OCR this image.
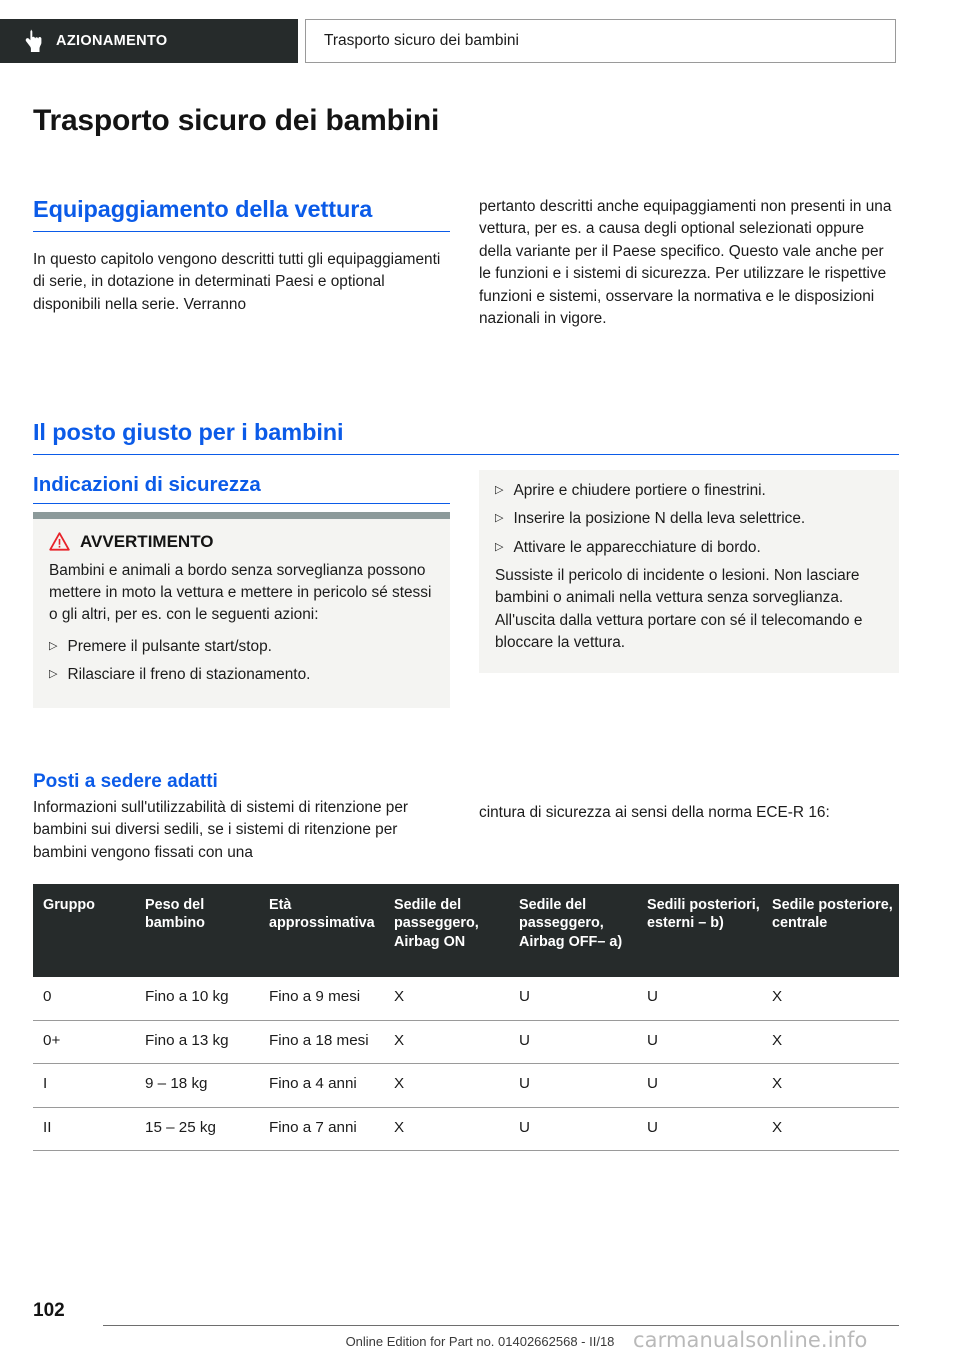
AZIONAMENTO	Trasporto sicuro dei bambini
Trasporto sicuro dei bambini
Equipaggiamento della vettura

In questo capitolo vengono descritti tutti gli equipaggiamenti di serie, in dotazione in determinati Paesi e optional disponibili nella serie. Verranno

pertanto descritti anche equipaggiamenti non presenti in una vettura, per es. a causa degli optional selezionati oppure della variante per il Paese specifico. Questo vale anche per le funzioni e i sistemi di sicurezza. Per utilizzare le rispettive funzioni e sistemi, osservare la normativa e le disposizioni nazionali in vigore.

Il posto giusto per i bambini
Indicazioni di sicurezza
AVVERTIMENTO

Bambini e animali a bordo senza sorveglianza possono mettere in moto la vettura e mettere in pericolo sé stessi o gli altri, per es. con le seguenti azioni:

▷ Premere il pulsante start/stop.
▷ Rilasciare il freno di stazionamento.
▷ Aprire e chiudere portiere o finestrini.
▷ Inserire la posizione N della leva selettrice.
▷ Attivare le apparecchiature di bordo.

Sussiste il pericolo di incidente o lesioni. Non lasciare bambini o animali nella vettura senza sorveglianza. All'uscita dalla vettura portare con sé il telecomando e bloccare la vettura.

Posti a sedere adatti

Informazioni sull'utilizzabilità di sistemi di ritenzione per bambini sui diversi sedili, se i sistemi di ritenzione per bambini vengono fissati con una

cintura di sicurezza ai sensi della norma ECE-R 16:

Gruppo	Peso del bambino	Età approssimativa	Sedile del passeggero, Airbag ON	Sedile del passeggero, Airbag OFF– a)	Sedili posteriori, esterni – b)	Sedile posteriore, centrale
0	Fino a 10 kg	Fino a 9 mesi	X	U	U	X
0+	Fino a 13 kg	Fino a 18 mesi	X	U	U	X
I	9 – 18 kg	Fino a 4 anni	X	U	U	X
II	15 – 25 kg	Fino a 7 anni	X	U	U	X
102
Online Edition for Part no. 01402662568 - II/18 carmanualsonline.info
